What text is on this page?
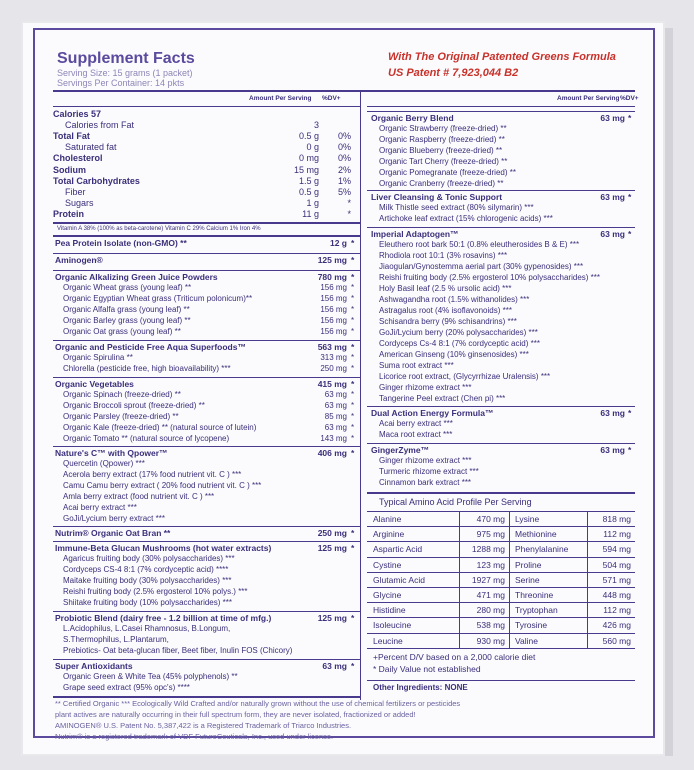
Supplement Facts
Serving Size: 15 grams (1 packet)
Servings Per Container: 14 pkts
With The Original Patented Greens Formula
US Patent # 7,923,044 B2
Amount Per Serving %DV+	Amount Per Serving %DV+
Calories 57
Calories from Fat	3
Total Fat	0.5 g	0%
Saturated fat	0 g	0%
Cholesterol	0 mg	0%
Sodium	15 mg	2%
Total Carbohydrates	1.5 g	1%
Fiber	0.5 g	5%
Sugars	1 g	*
Protein	11 g	*
Vitamin A 38% (100% as beta-carotene) Vitamin C 29% Calcium 1% Iron 4%
Pea Protein Isolate (non-GMO) **	12 g *
Aminogen®	125 mg *
Organic Alkalizing Green Juice Powders	780 mg *
Organic Wheat grass (young leaf) **	156 mg *
Organic Egyptian Wheat grass (Triticum polonicum)**	156 mg *
Organic Alfalfa grass (young leaf) **	156 mg *
Organic Barley grass (young leaf) **	156 mg *
Organic Oat grass (young leaf) **	156 mg *
Organic and Pesticide Free Aqua Superfoods™	563 mg *
Organic Spirulina **	313 mg *
Chlorella (pesticide free, high bioavailability) ***	250 mg *
Organic Vegetables	415 mg *
Organic Spinach (freeze-dried) **	63 mg *
Organic Broccoli sprout (freeze-dried) **	63 mg *
Organic Parsley (freeze-dried) **	85 mg *
Organic Kale (freeze-dried) ** (natural source of lutein)	63 mg *
Organic Tomato ** (natural source of lycopene)	143 mg *
Nature's C™ with Qpower™	406 mg *
Quercetin (Qpower) ***
Acerola berry extract (17% food nutrient vit. C ) ***
Camu Camu berry extract ( 20% food nutrient vit. C ) ***
Amla berry extract (food nutrient vit. C ) ***
Acai berry extract ***
GoJi/Lycium berry extract ***
Nutrim® Organic Oat Bran **	250 mg *
Immune-Beta Glucan Mushrooms (hot water extracts)	125 mg *
Agaricus fruiting body (30% polysaccharides) ***
Cordyceps CS-4 8:1 (7% cordyceptic acid) ****
Maitake fruiting body (30% polysaccharides) ***
Reishi fruiting body (2.5% ergosterol 10% polys.) ***
Shiitake fruiting body (10% polysaccharides) ***
Probiotic Blend (dairy free - 1.2 billion at time of mfg.)	125 mg *
L.Acidophilus, L.Casei Rhamnosus, B.Longum,
S.Thermophilus, L.Plantarum,
Prebiotics- Oat beta-glucan fiber, Beet fiber, Inulin FOS (Chicory)
Super Antioxidants	63 mg *
Organic Green & White Tea (45% polyphenols) **
Grape seed extract (95% opc's) ****
Organic Berry Blend	63 mg *
Organic Strawberry (freeze-dried) **
Organic Raspberry (freeze-dried) **
Organic Blueberry (freeze-dried) **
Organic Tart Cherry (freeze-dried) **
Organic Pomegranate (freeze-dried) **
Organic Cranberry (freeze-dried) **
Liver Cleansing & Tonic Support	63 mg *
Milk Thistle seed extract (80% silymarin) ***
Artichoke leaf extract (15% chlorogenic acids) ***
Imperial Adaptogen™	63 mg *
Eleuthero root bark 50:1 (0.8% eleutherosides B & E) ***
Rhodiola root 10:1 (3% rosavins) ***
Jiaogulan/Gynostemma aerial part (30% gypenosides) ***
Reishi fruiting body (2.5% ergosterol 10% polysaccharides) ***
Holy Basil leaf (2.5 % ursolic acid) ***
Ashwagandha root (1.5% withanolides) ***
Astragalus root (4% isoflavonoids) ***
Schisandra berry (9% schisandrins) ***
GoJi/Lycium berry (20% polysaccharides) ***
Cordyceps Cs-4 8:1 (7% cordyceptic acid) ***
American Ginseng (10% ginsenosides) ***
Suma root extract ***
Licorice root extract, (Glycyrrhizae Uralensis) ***
Ginger rhizome extract ***
Tangerine Peel extract (Chen pi) ***
Dual Action Energy Formula™	63 mg *
Acai berry extract ***
Maca root extract ***
GingerZyme™	63 mg *
Ginger rhizome extract ***
Turmeric rhizome extract ***
Cinnamon bark extract ***
Typical Amino Acid Profile Per Serving
Alanine	470 mg Lysine	818 mg
Arginine	975 mg Methionine	112 mg
Aspartic Acid	1288 mg Phenylalanine	594 mg
Cystine	123 mg Proline	504 mg
Glutamic Acid	1927 mg Serine	571 mg
Glycine	471 mg Threonine	448 mg
Histidine	280 mg Tryptophan	112 mg
Isoleucine	538 mg Tyrosine	426 mg
Leucine	930 mg Valine	560 mg
+Percent D/V based on a 2,000 calorie diet
* Daily Value not established
Other Ingredients: NONE
** Certified Organic *** Ecologically Wild Crafted and/or naturally grown without the use of chemical fertilizers or pesticides
plant actives are naturally occurring in their full spectrum form, they are never isolated, fractionized or added!
AMINOGEN® U.S. Patent No. 5,387,422 is a Registered Trademark of Triarco Industries.
Nutrim® is a registered trademark of VDF FutureCeuticals, Inc., used under license.
